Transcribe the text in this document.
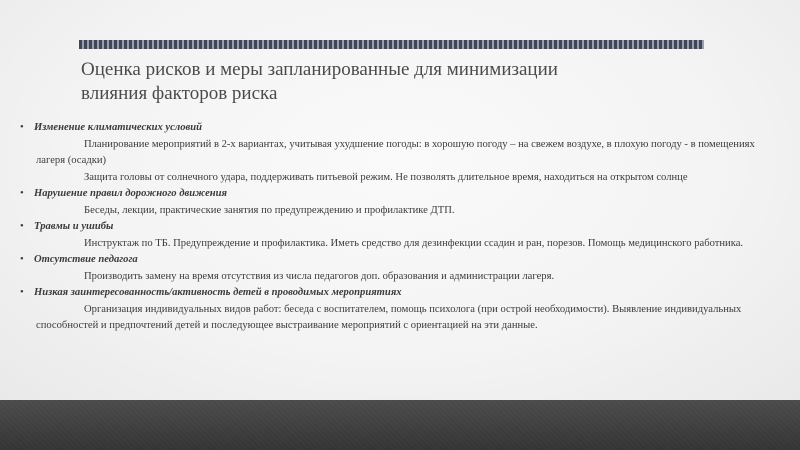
Оценка рисков и меры запланированные для минимизации
влияния факторов риска
• Изменение климатических условий
Планирование мероприятий в 2-х вариантах, учитывая ухудшение погоды: в хорошую погоду – на свежем воздухе, в плохую погоду - в помещениях лагеря (осадки)
Защита головы от солнечного удара, поддерживать питьевой режим. Не позволять длительное время, находиться на открытом солнце
• Нарушение правил дорожного движения
Беседы, лекции, практические занятия по предупреждению и профилактике ДТП.
• Травмы и ушибы
Инструктаж по ТБ. Предупреждение и профилактика. Иметь средство для дезинфекции ссадин и ран, порезов. Помощь медицинского работника.
• Отсутствие педагога
Производить замену на время отсутствия из числа педагогов доп. образования и администрации лагеря.
• Низкая заинтересованность/активность детей в проводимых мероприятиях
Организация индивидуальных видов работ: беседа с воспитателем, помощь психолога (при острой необходимости). Выявление индивидуальных способностей и предпочтений детей и последующее выстраивание мероприятий с ориентацией на эти данные.
